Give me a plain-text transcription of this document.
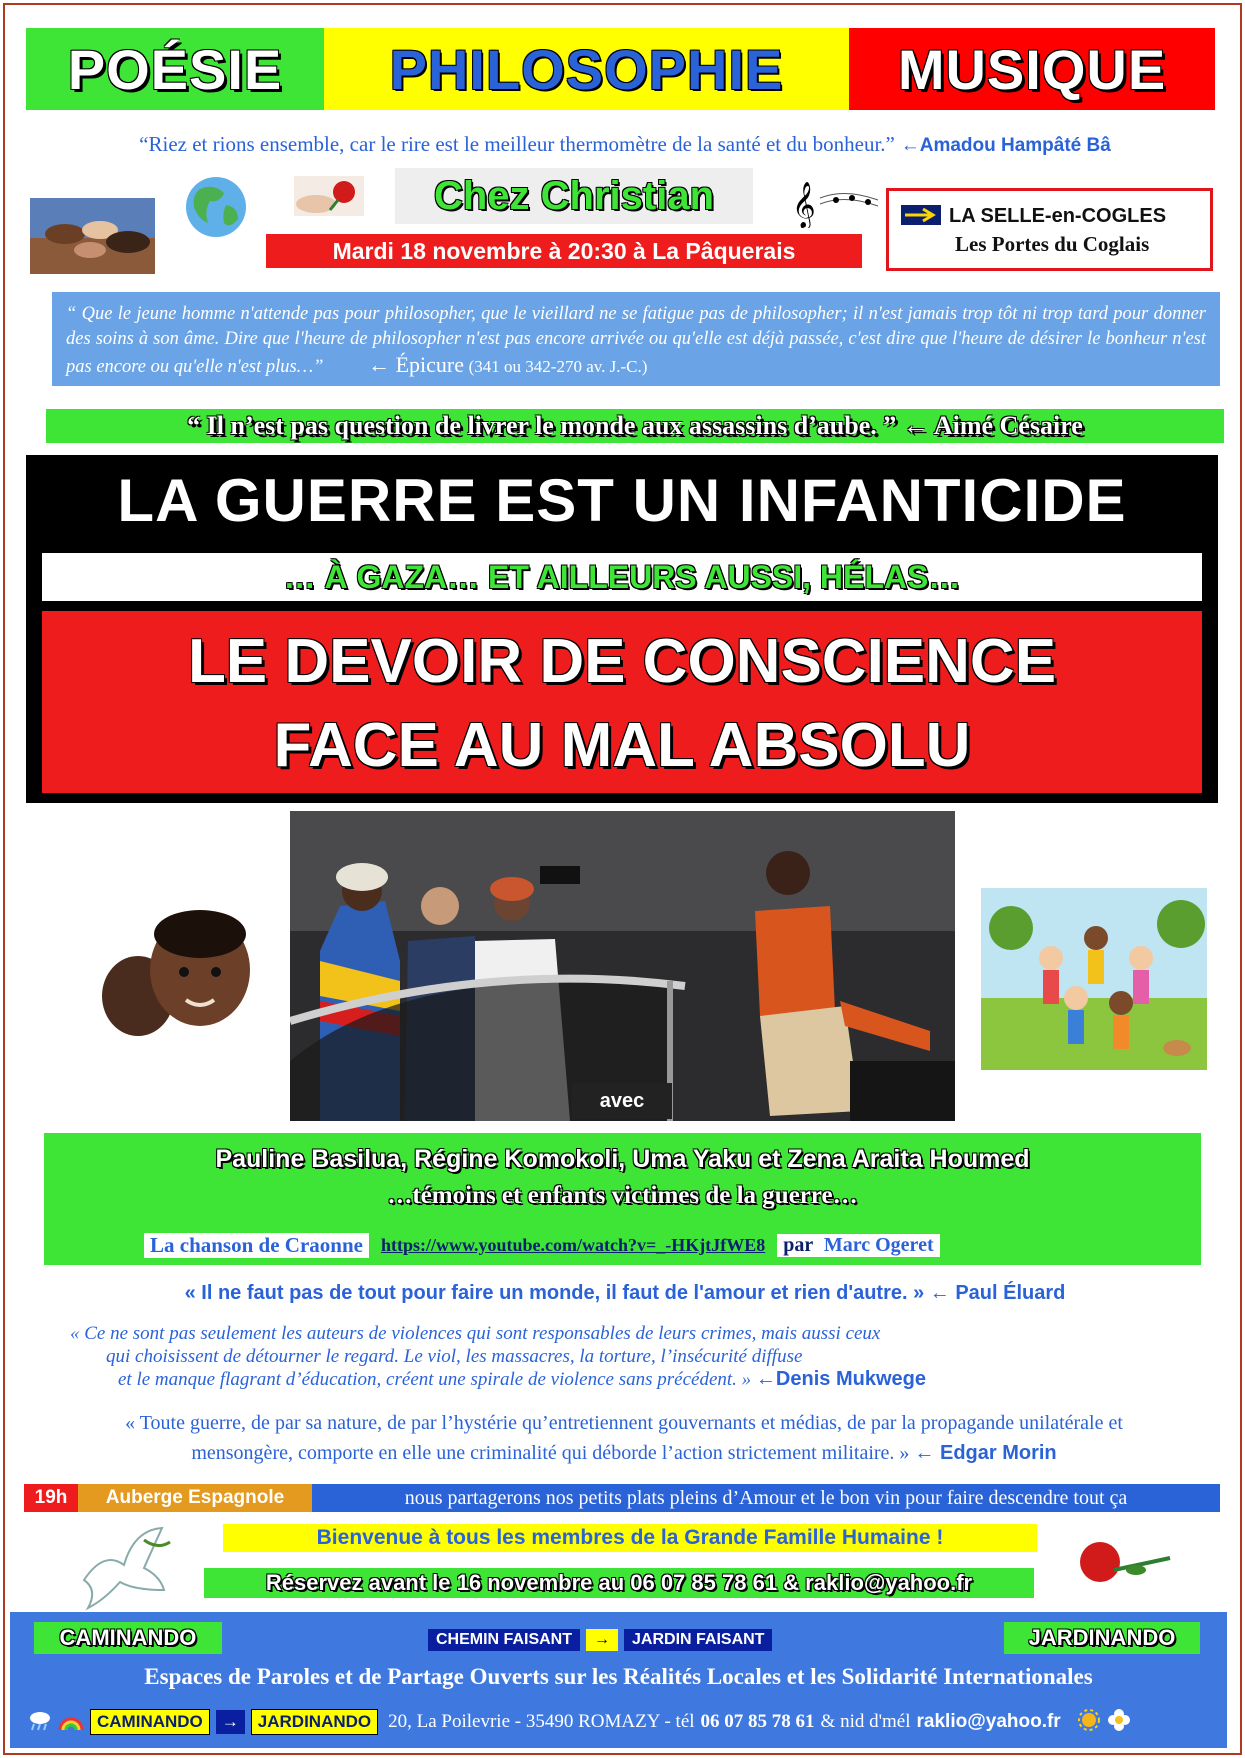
POÉSIE	PHILOSOPHIE	MUSIQUE
“Riez et rions ensemble, car le rire est le meilleur thermomètre de la santé et du bonheur.” ←Amadou Hampâté Bâ
Chez Christian
Mardi 18 novembre à 20:30 à La Pâquerais
𝄞	LA SELLE-en-COGLES
Les Portes du Coglais
“ Que le jeune homme n'attende pas pour philosopher, que le vieillard ne se fatigue pas de philosopher; il n'est jamais trop tôt ni trop tard pour donner des soins à son âme. Dire que l'heure de philosopher n'est pas encore arrivée ou qu'elle est déjà passée, c'est dire que l'heure de désirer le bonheur n'est pas encore ou qu'elle n'est plus…” ← Épicure (341 ou 342-270 av. J.-C.)
“ Il n’est pas question de livrer le monde aux assassins d’aube. ” ← Aimé Césaire
LA GUERRE EST UN INFANTICIDE
… À GAZA… ET AILLEURS AUSSI, HÉLAS…
LE DEVOIR DE CONSCIENCE
FACE AU MAL ABSOLU
avec
Pauline Basilua, Régine Komokoli, Uma Yaku et Zena Araita Houmed
…témoins et enfants victimes de la guerre…
La chanson de Craonne	https://www.youtube.com/watch?v=_-HKjtJfWE8 par Marc Ogeret
« Il ne faut pas de tout pour faire un monde, il faut de l'amour et rien d'autre. » ← Paul Éluard
« Ce ne sont pas seulement les auteurs de violences qui sont responsables de leurs crimes, mais aussi ceux
qui choisissent de détourner le regard. Le viol, les massacres, la torture, l’insécurité diffuse
et le manque flagrant d’éducation, créent une spirale de violence sans précédent. » ←Denis Mukwege
« Toute guerre, de par sa nature, de par l’hystérie qu’entretiennent gouvernants et médias, de par la propagande unilatérale et
mensongère, comporte en elle une criminalité qui déborde l’action strictement militaire. » ← Edgar Morin
19h	Auberge Espagnole	nous partagerons nos petits plats pleins d’Amour et le bon vin pour faire descendre tout ça
Bienvenue à tous les membres de la Grande Famille Humaine !
Réservez avant le 16 novembre au 06 07 85 78 61 & raklio@yahoo.fr
CAMINANDO	CHEMIN FAISANT	→	JARDIN FAISANT	JARDINANDO
Espaces de Paroles et de Partage Ouverts sur les Réalités Locales et les Solidarité Internationales
CAMINANDO	→	JARDINANDO 20, La Poilevrie - 35490 ROMAZY - tél 06 07 85 78 61 & nid d'mél raklio@yahoo.fr
